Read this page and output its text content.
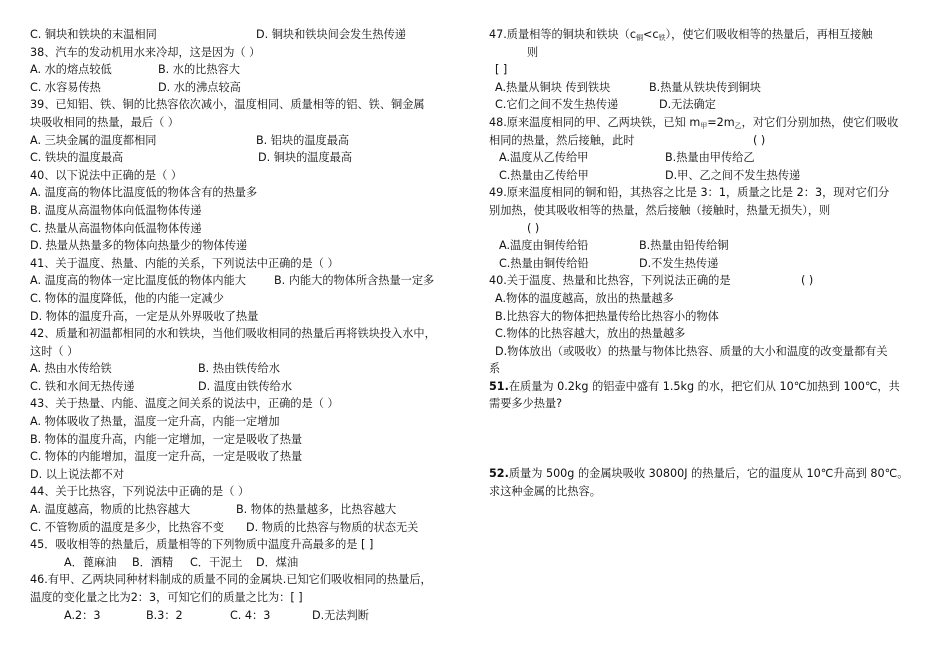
C. 铜块和铁块的末温相同	D. 铜块和铁块间会发生热传递
38、汽车的发动机用水来冷却，这是因为（ ）
A. 水的熔点较低	B. 水的比热容大
C. 水容易传热	D. 水的沸点较高
39、已知铝、铁、铜的比热容依次减小，温度相同、质量相等的铝、铁、铜金属
块吸收相同的热量，最后（ ）
A. 三块金属的温度都相同	B. 铝块的温度最高
C. 铁块的温度最高	D. 铜块的温度最高
40、以下说法中正确的是（ ）
A. 温度高的物体比温度低的物体含有的热量多
B. 温度从高温物体向低温物体传递
C. 热量从高温物体向低温物体传递
D. 热量从热量多的物体向热量少的物体传递
41、关于温度、热量、内能的关系，下列说法中正确的是（ ）
A. 温度高的物体一定比温度低的物体内能大	B. 内能大的物体所含热量一定多
C. 物体的温度降低，他的内能一定减少
D. 物体的温度升高，一定是从外界吸收了热量
42、质量和初温都相同的水和铁块，当他们吸收相同的热量后再将铁块投入水中，
这时（ ）
A. 热由水传给铁	B. 热由铁传给水
C. 铁和水间无热传递	D. 温度由铁传给水
43、关于热量、内能、温度之间关系的说法中，正确的是（ ）
A. 物体吸收了热量，温度一定升高，内能一定增加
B. 物体的温度升高，内能一定增加，一定是吸收了热量
C. 物体的内能增加，温度一定升高，一定是吸收了热量
D. 以上说法都不对
44、关于比热容，下列说法中正确的是（ ）
A. 温度越高，物质的比热容越大	B. 物体的热量越多，比热容越大
C. 不管物质的温度是多少，比热容不变 D. 物质的比热容与物质的状态无关
45．吸收相等的热量后，质量相等的下列物质中温度升高最多的是 [ ]
A．蓖麻油 B．酒精 C．干泥土 D．煤油
46.有甲、乙两块同种材料制成的质量不同的金属块.已知它们吸收相同的热量后，
温度的变化量之比为2：3，可知它们的质量之比为：[ ]
A.2：3	B.3：2	C. 4：3	D.无法判断
47.质量相等的铜块和铁块$(c_铜<c_铁)$，使它们吸收相等的热量后，再相互接触
则
[ ]
A.热量从铜块 传到铁块	B.热量从铁块传到铜块
C.它们之间不发生热传递	D.无法确定
48.原来温度相同的甲、乙两块铁，已知 $m_甲=2m_乙$，对它们分别加热，使它们吸收
相同的热量，然后接触，此时	( )
A.温度从乙传给甲	B.热量由甲传给乙
C.热量由乙传给甲	D.甲、乙之间不发生热传递
49.原来温度相同的铜和铅，其热容之比是 3：1，质量之比是 2：3，现对它们分
别加热，使其吸收相等的热量，然后接触（接触时，热量无损失），则
( )
A.温度由铜传给铅	B.热量由铅传给铜
C.热量由铜传给铅	D.不发生热传递
40.关于温度、热量和比热容，下列说法正确的是	( )
A.物体的温度越高，放出的热量越多
B.比热容大的物体把热量传给比热容小的物体
C.物体的比热容越大，放出的热量越多
D.物体放出（或吸收）的热量与物体比热容、质量的大小和温度的改变量都有关
系
51.在质量为 0.2kg 的铝壶中盛有 1.5kg 的水，把它们从 10℃加热到 100℃，共
需要多少热量?
52.质量为 500g 的金属块吸收 30800J 的热量后，它的温度从 10℃升高到 80℃。
求这种金属的比热容。
